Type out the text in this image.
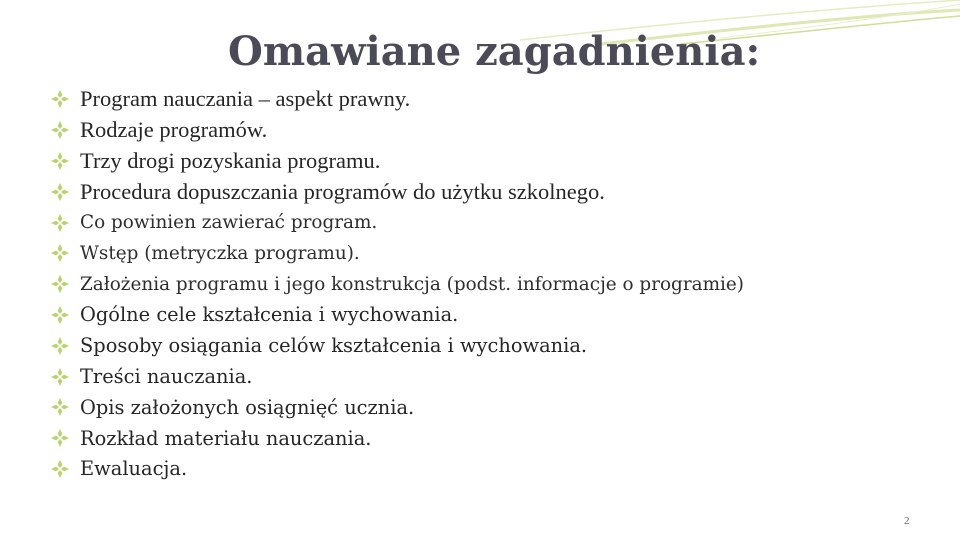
Omawiane zagadnienia:
Program nauczania – aspekt prawny.
Rodzaje programów.
Trzy drogi pozyskania programu.
Procedura dopuszczania programów do użytku szkolnego.
Co powinien zawierać program.
Wstęp (metryczka programu).
Założenia programu i jego konstrukcja (podst. informacje o programie)
Ogólne cele kształcenia i wychowania.
Sposoby osiągania celów kształcenia i wychowania.
Treści nauczania.
Opis założonych osiągnięć ucznia.
Rozkład materiału nauczania.
Ewaluacja.
2
